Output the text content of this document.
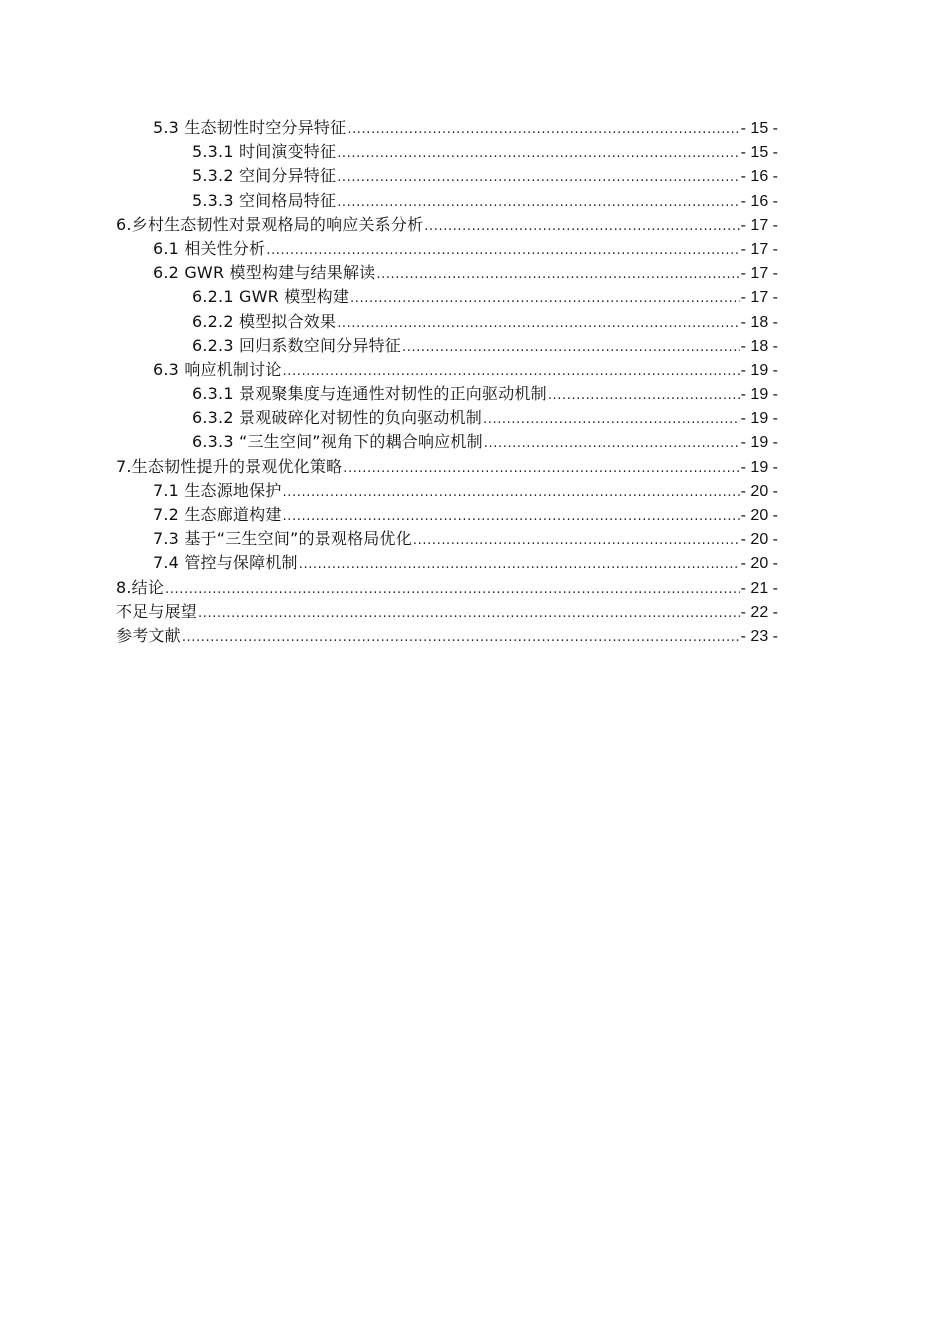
5.3 生态韧性时空分异特征 .....	- 15 -
5.3.1 时间演变特征 .....	- 15 -
5.3.2 空间分异特征 .....	- 16 -
5.3.3 空间格局特征 .....	- 16 -
6.乡村生态韧性对景观格局的响应关系分析 .....	- 17 -
6.1 相关性分析 .....	- 17 -
6.2 GWR 模型构建与结果解读 .....	- 17 -
6.2.1 GWR 模型构建 .....	- 17 -
6.2.2 模型拟合效果 .....	- 18 -
6.2.3 回归系数空间分异特征 .....	- 18 -
6.3 响应机制讨论 .....	- 19 -
6.3.1 景观聚集度与连通性对韧性的正向驱动机制 .....	- 19 -
6.3.2 景观破碎化对韧性的负向驱动机制 .....	- 19 -
6.3.3 “三生空间”视角下的耦合响应机制 .....	- 19 -
7.生态韧性提升的景观优化策略 .....	- 19 -
7.1 生态源地保护 .....	- 20 -
7.2 生态廊道构建 .....	- 20 -
7.3 基于“三生空间”的景观格局优化 .....	- 20 -
7.4 管控与保障机制 .....	- 20 -
8.结论 .....	- 21 -
不足与展望 .....	- 22 -
参考文献 .....	- 23 -
